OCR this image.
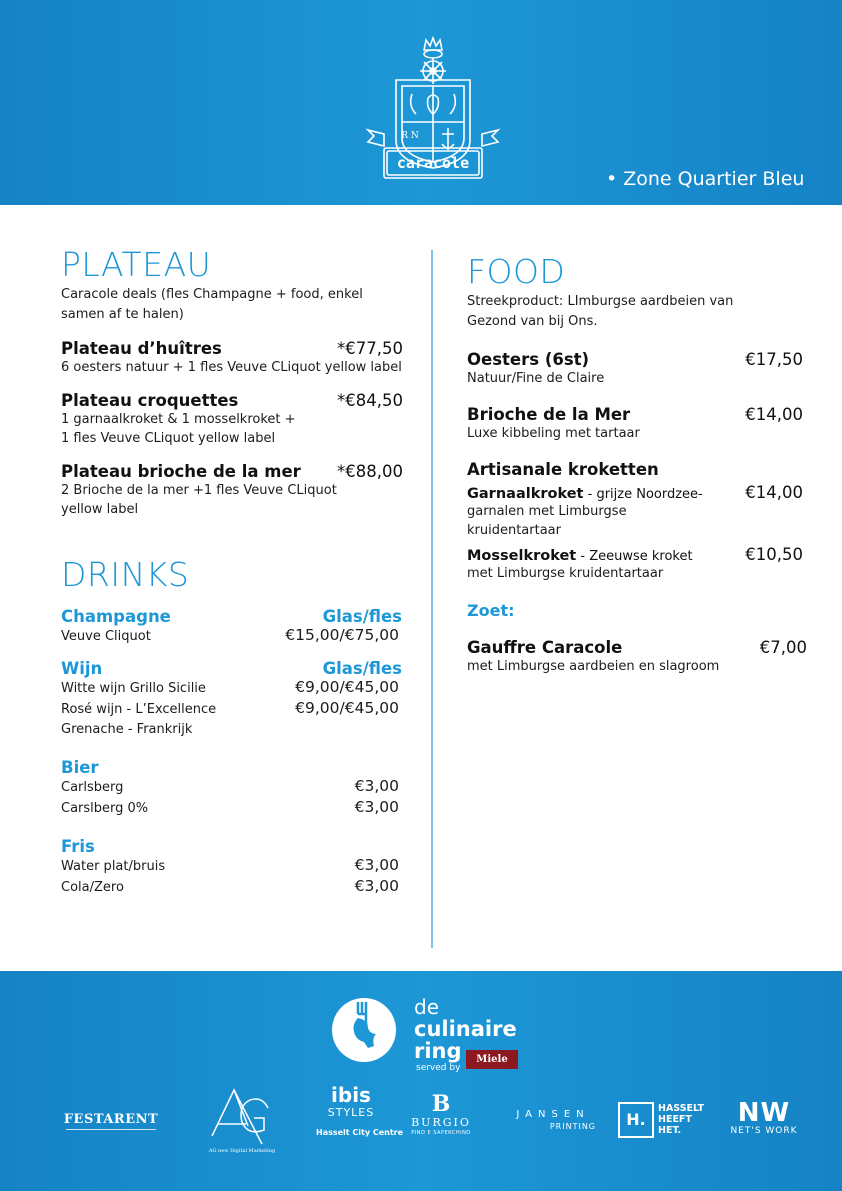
caracole
R N
• Zone Quartier Bleu
PLATEAU
Caracole deals (fles Champagne + food, enkel samen af te halen)
Plateau d’huîtres	*€77,50
6 oesters natuur + 1 fles Veuve CLiquot yellow label
Plateau croquettes	*€84,50
1 garnaalkroket & 1 mosselkroket + 1 fles Veuve CLiquot yellow label
Plateau brioche de la mer *€88,00
2 Brioche de la mer +1 fles Veuve CLiquot yellow label
DRINKS
Champagne	Glas/fles
Veuve Cliquot	€15,00/€75,00
Wijn	Glas/fles
Witte wijn Grillo Sicilie	€9,00/€45,00
Rosé wijn - L’Excellence	€9,00/€45,00
Grenache - Frankrijk
Bier
Carlsberg	€3,00
Carslberg 0%	€3,00
Fris
Water plat/bruis	€3,00
Cola/Zero	€3,00
FOOD
Streekproduct: LImburgse aardbeien van Gezond van bij Ons.
Oesters (6st)	€17,50
Natuur/Fine de Claire
Brioche de la Mer	€14,00
Luxe kibbeling met tartaar
Artisanale kroketten
Garnaalkroket - grijze Noordzee-	€14,00
garnalen met Limburgse kruidentartaar
Mosselkroket - Zeeuwse kroket	€10,50
met Limburgse kruidentartaar
Zoet:
Gauffre Caracole	€7,00
met Limburgse aardbeien en slagroom
de
culinaire
ring
served by
Miele
FESTARENT
AG new Digital Marketing
ibis
STYLES
Hasselt City Centre
B
BURGIO
PINO E SAPERCHINO
JANSEN
PRINTING	H.
HASSELT
HEEFT
HET.
NW
NET'S WORK
